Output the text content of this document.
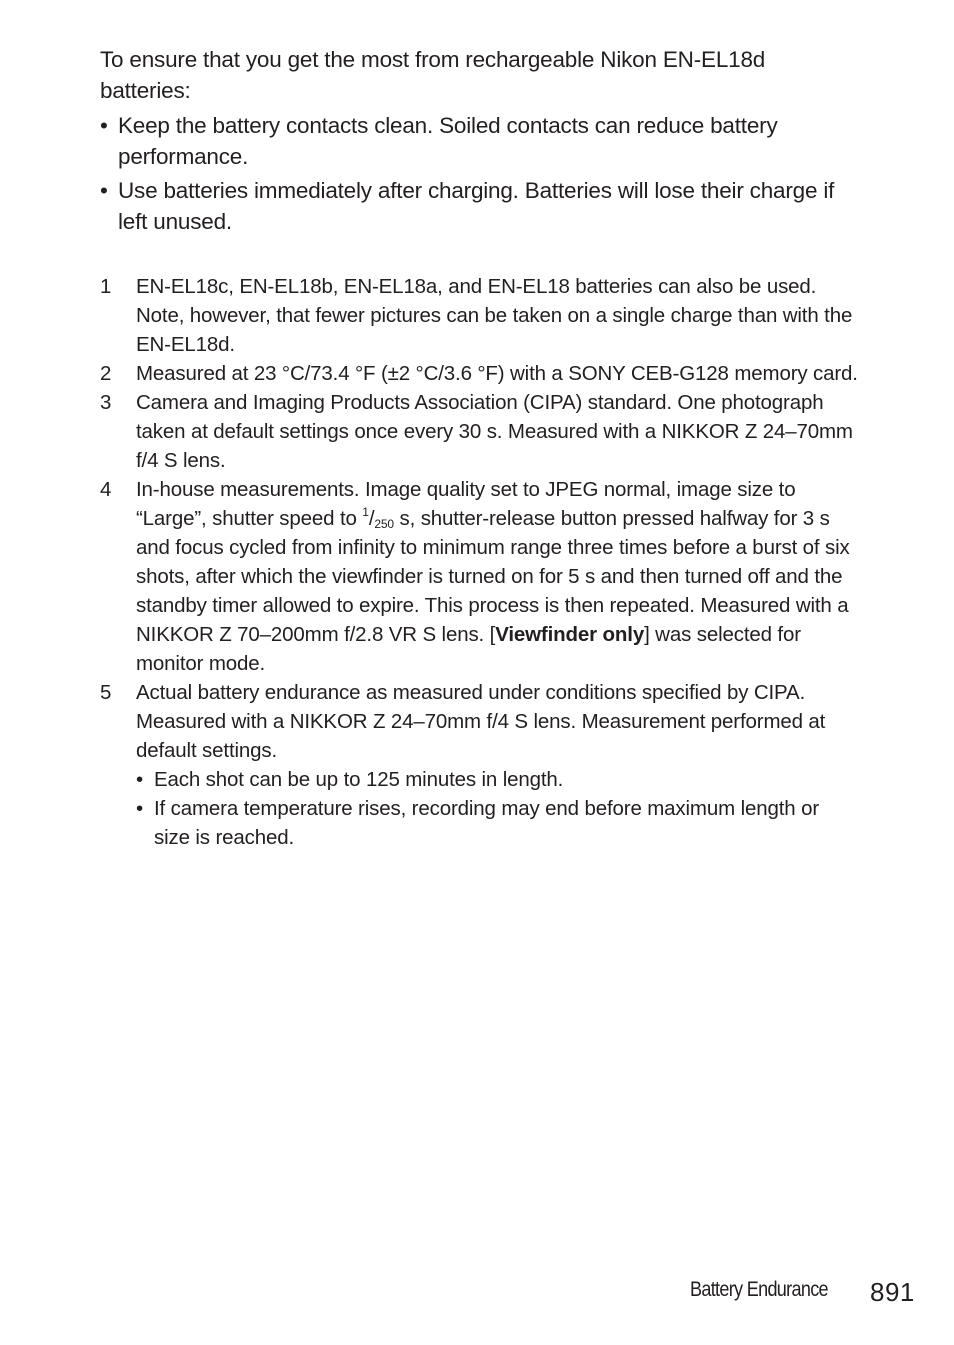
To ensure that you get the most from rechargeable Nikon EN-EL18d batteries:

• Keep the battery contacts clean. Soiled contacts can reduce battery performance.
• Use batteries immediately after charging. Batteries will lose their charge if left unused.
1 EN-EL18c, EN-EL18b, EN-EL18a, and EN-EL18 batteries can also be used. Note, however, that fewer pictures can be taken on a single charge than with the EN-EL18d.
2 Measured at 23 °C/73.4 °F (±2 °C/3.6 °F) with a SONY CEB-G128 memory card.
3 Camera and Imaging Products Association (CIPA) standard. One photograph taken at default settings once every 30 s. Measured with a NIKKOR Z 24–70mm f/4 S lens.
4 In-house measurements. Image quality set to JPEG normal, image size to “Large”, shutter speed to $^1$/250 s, shutter-release button pressed halfway for 3 s and focus cycled from infinity to minimum range three times before a burst of six shots, after which the viewfinder is turned on for 5 s and then turned off and the standby timer allowed to expire. This process is then repeated. Measured with a NIKKOR Z 70–200mm f/2.8 VR S lens. [Viewfinder only] was selected for monitor mode.
5 Actual battery endurance as measured under conditions specified by CIPA. Measured with a NIKKOR Z 24–70mm f/4 S lens. Measurement performed at default settings.
• Each shot can be up to 125 minutes in length.
• If camera temperature rises, recording may end before maximum length or size is reached.
Battery Endurance 891
